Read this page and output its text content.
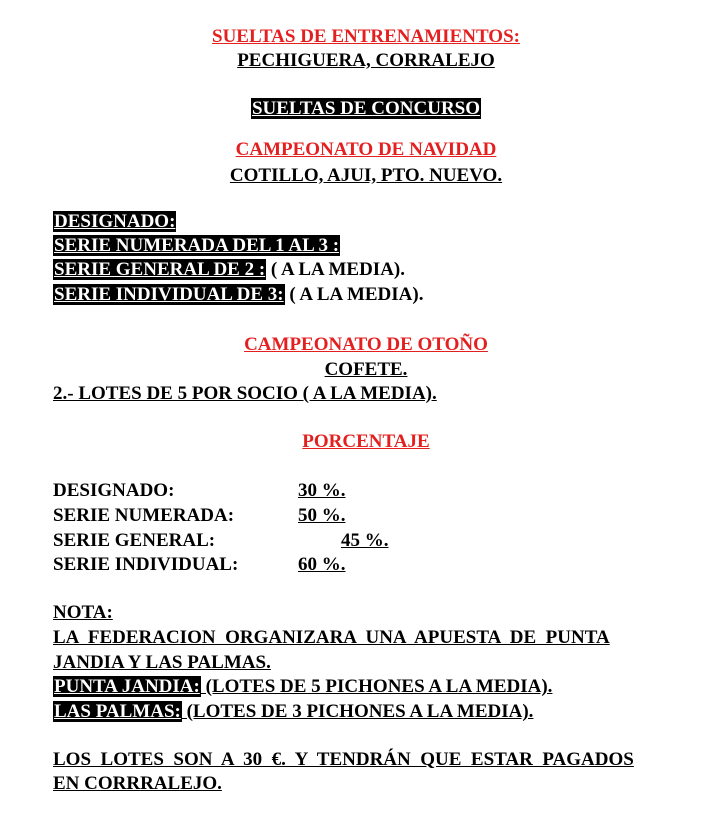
SUELTAS DE ENTRENAMIENTOS:

PECHIGUERA, CORRALEJO

SUELTAS DE CONCURSO

CAMPEONATO DE NAVIDAD

COTILLO, AJUI, PTO. NUEVO.

DESIGNADO:

SERIE NUMERADA DEL 1 AL 3 :

SERIE GENERAL DE 2 : ( A LA MEDIA).

SERIE INDIVIDUAL DE 3: ( A LA MEDIA).

CAMPEONATO DE OTOÑO

COFETE.

2.- LOTES DE 5 POR SOCIO ( A LA MEDIA).

PORCENTAJE

DESIGNADO:	30 %.

SERIE NUMERADA:	50 %.

SERIE GENERAL:	45 %.

SERIE INDIVIDUAL:	60 %.

NOTA:

LA  FEDERACION  ORGANIZARA  UNA  APUESTA  DE  PUNTA

JANDIA Y LAS PALMAS.

PUNTA JANDIA: (LOTES DE 5 PICHONES A LA MEDIA).

LAS PALMAS: (LOTES DE 3 PICHONES A LA MEDIA).

LOS  LOTES  SON  A  30  €.  Y  TENDRÁN  QUE  ESTAR  PAGADOS

EN CORRRALEJO.
